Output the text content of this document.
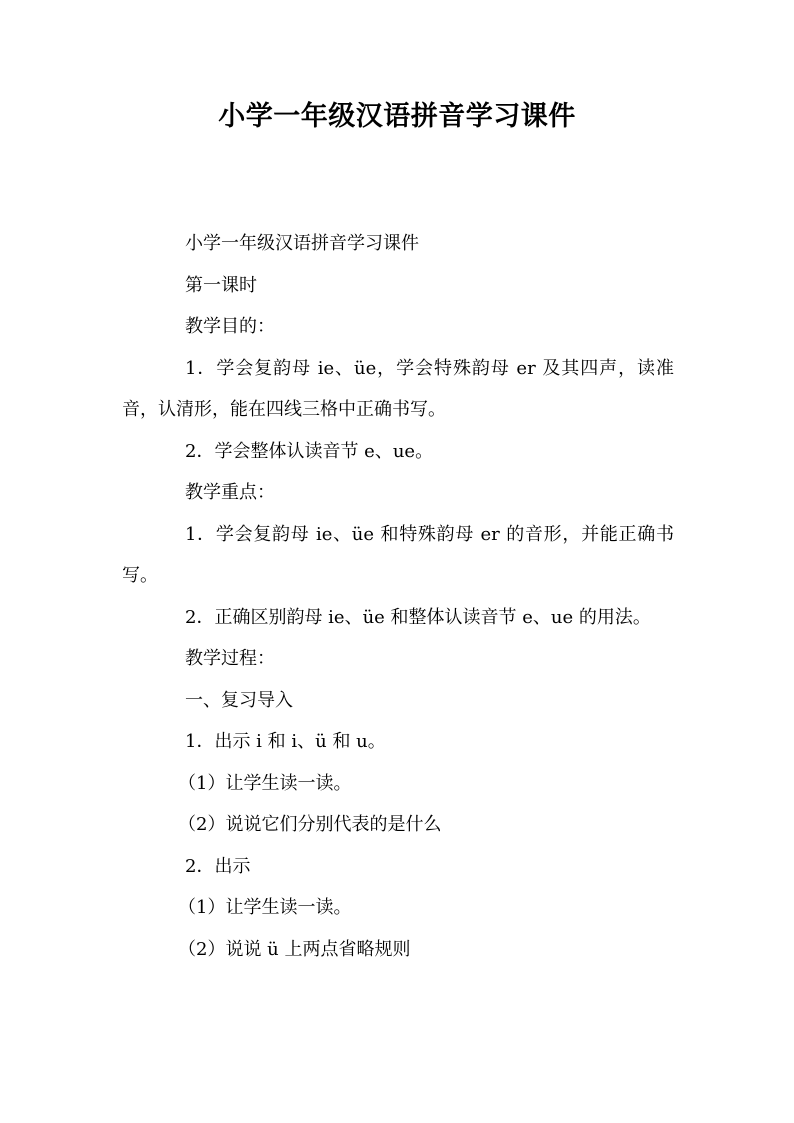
小学一年级汉语拼音学习课件

小学一年级汉语拼音学习课件

第一课时

教学目的：

1．学会复韵母 ie、üe，学会特殊韵母 er 及其四声，读准音，认清形，能在四线三格中正确书写。

2．学会整体认读音节 e、ue。

教学重点：

1．学会复韵母 ie、üe 和特殊韵母 er 的音形，并能正确书写。

2．正确区别韵母 ie、üe 和整体认读音节 e、ue 的用法。

教学过程：

一、复习导入

1．出示 i 和 i、ü 和 u。

（1）让学生读一读。

（2）说说它们分别代表的是什么

2．出示

（1）让学生读一读。

（2）说说 ü 上两点省略规则
